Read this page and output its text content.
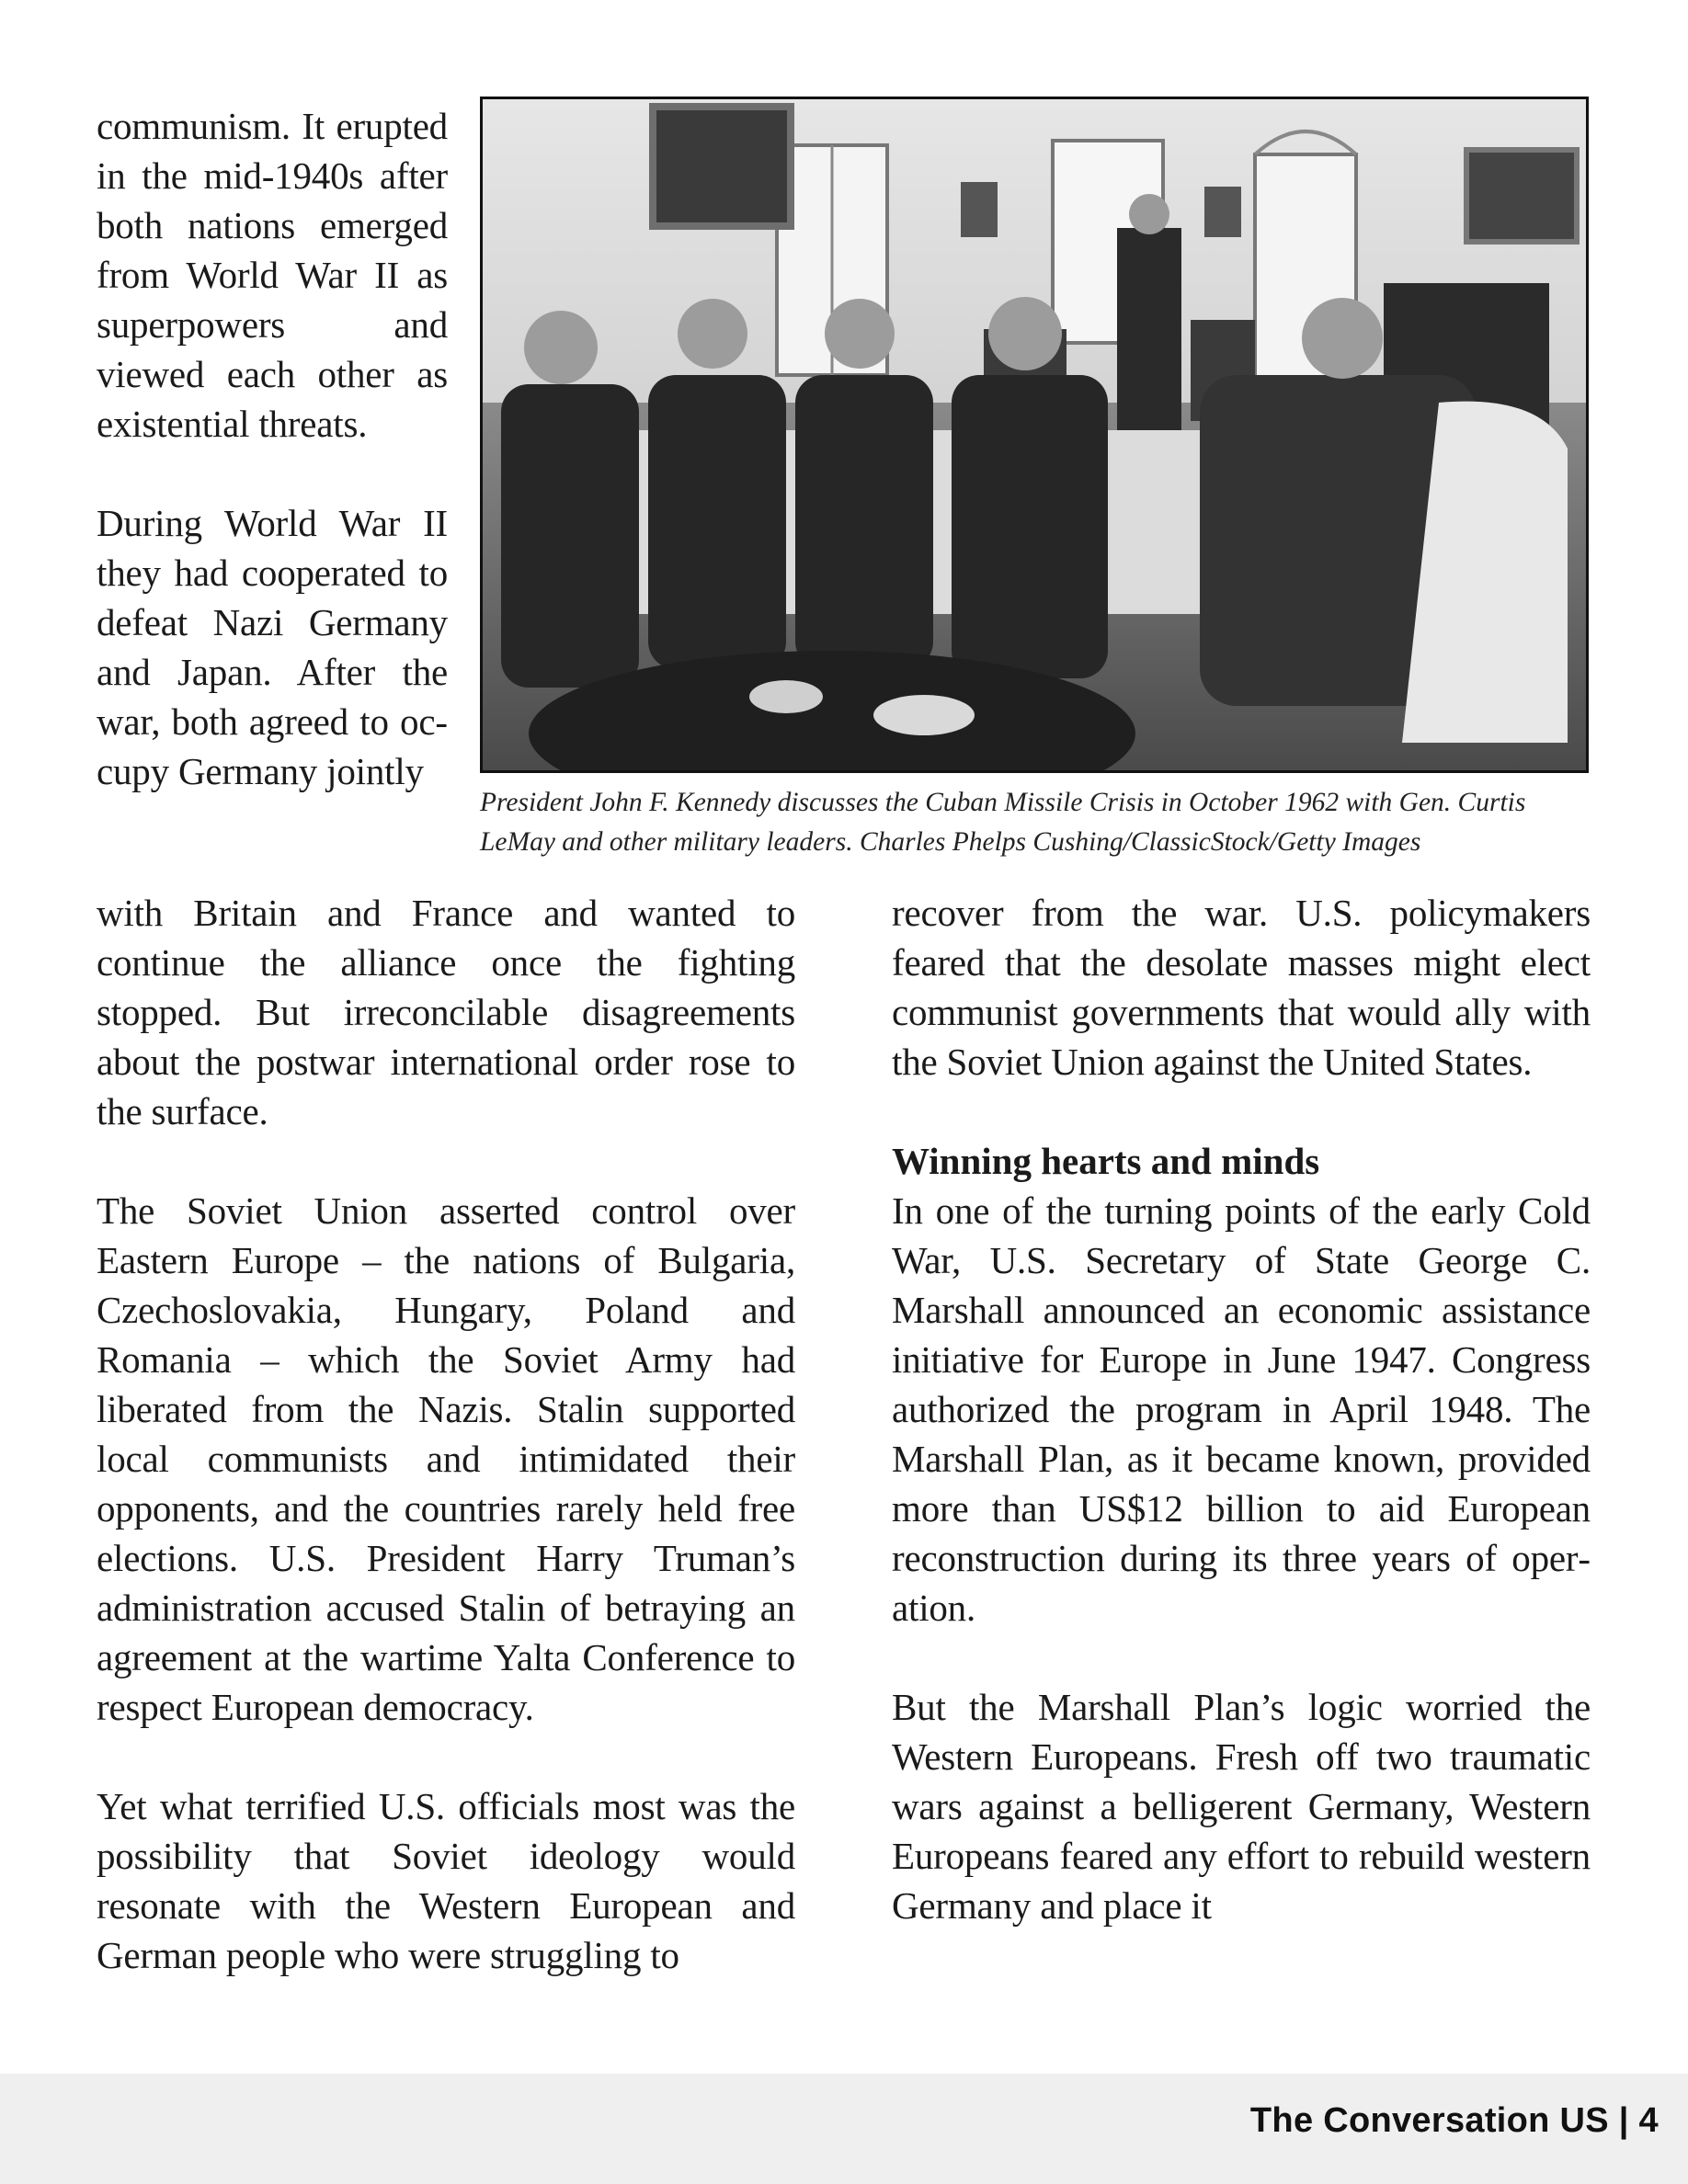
communism. It erupted in the mid-1940s after both nations emerged from World War II as superpowers and viewed each other as existential threats.

During World War II they had cooperated to defeat Nazi Germany and Japan. After the war, both agreed to occupy Germany jointly

President John F. Kennedy discusses the Cuban Missile Crisis in October 1962 with Gen. Curtis LeMay and other military leaders. Charles Phelps Cushing/ClassicStock/Getty Images

with Britain and France and wanted to continue the alliance once the fighting stopped. But irreconcilable disagreements about the postwar international order rose to the surface.

The Soviet Union asserted control over Eastern Europe – the nations of Bulgaria, Czechoslovakia, Hungary, Poland and Romania – which the Soviet Army had liberated from the Nazis. Stalin supported local communists and intimidated their opponents, and the countries rarely held free elections. U.S. President Harry Truman’s administration accused Stalin of betraying an agreement at the wartime Yalta Conference to respect European democracy.

Yet what terrified U.S. officials most was the possibility that Soviet ideology would resonate with the Western European and German people who were struggling to

recover from the war. U.S. policymakers feared that the desolate masses might elect communist governments that would ally with the Soviet Union against the United States.

Winning hearts and minds

In one of the turning points of the early Cold War, U.S. Secretary of State George C. Marshall announced an economic assistance initiative for Europe in June 1947. Congress authorized the program in April 1948. The Marshall Plan, as it became known, provided more than US$12 billion to aid European reconstruction during its three years of operation.

But the Marshall Plan’s logic worried the Western Europeans. Fresh off two traumatic wars against a belligerent Germany, Western Europeans feared any effort to rebuild western Germany and place it

The Conversation US | 4
